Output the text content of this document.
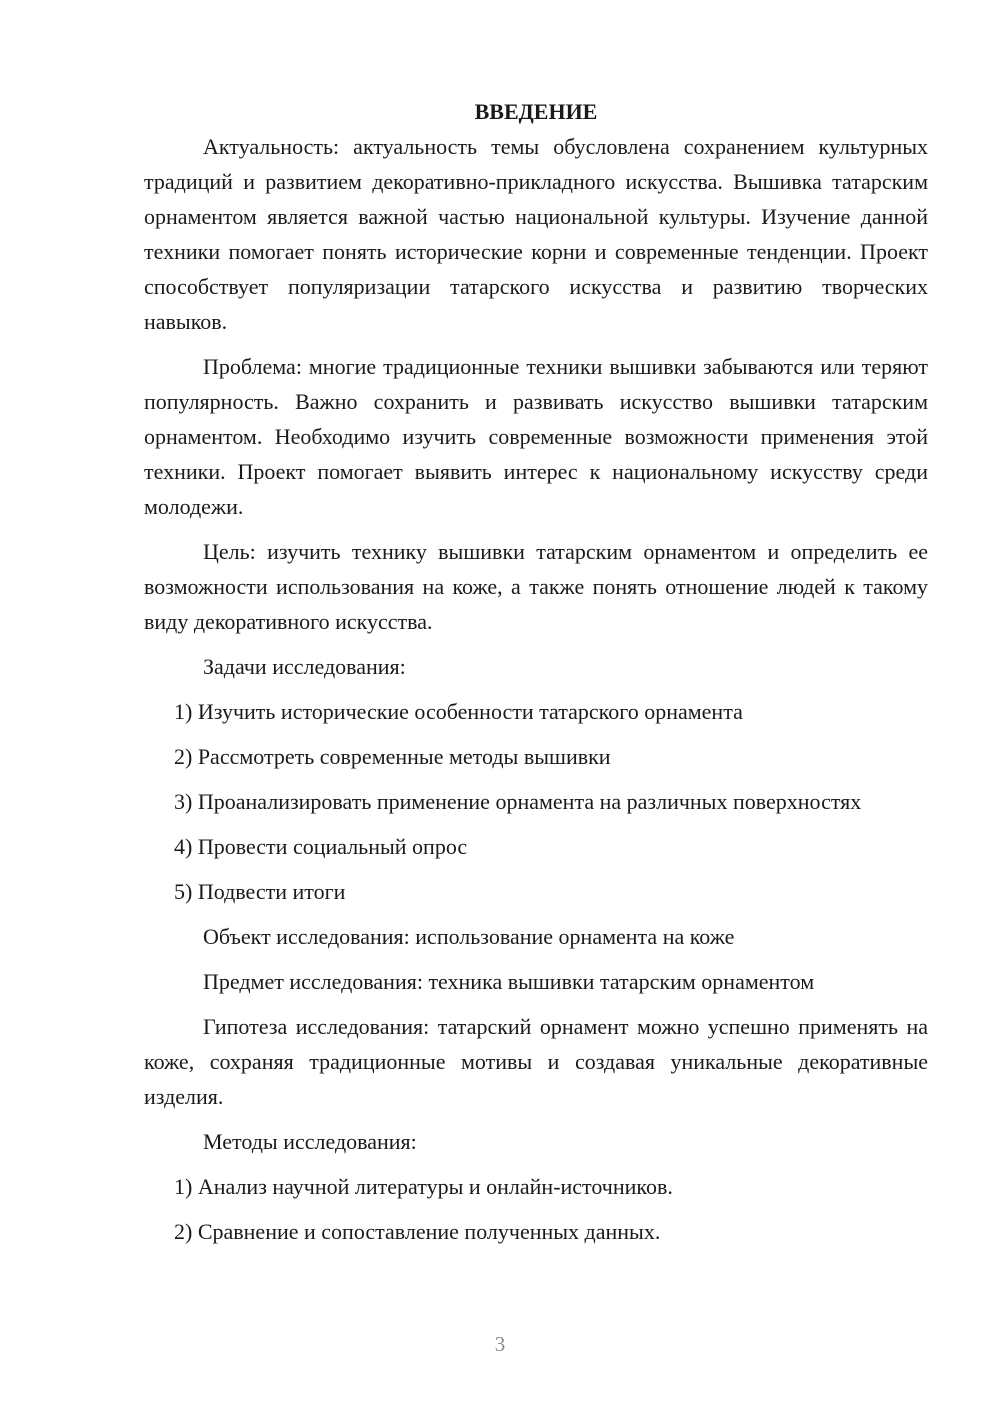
ВВЕДЕНИЕ

Актуальность: актуальность темы обусловлена сохранением культурных традиций и развитием декоративно-прикладного искусства. Вышивка татарским орнаментом является важной частью национальной культуры. Изучение данной техники помогает понять исторические корни и современные тенденции. Проект способствует популяризации татарского искусства и развитию творческих навыков.

Проблема: многие традиционные техники вышивки забываются или теряют популярность. Важно сохранить и развивать искусство вышивки татарским орнаментом. Необходимо изучить современные возможности применения этой техники. Проект помогает выявить интерес к национальному искусству среди молодежи.

Цель: изучить технику вышивки татарским орнаментом и определить ее возможности использования на коже, а также понять отношение людей к такому виду декоративного искусства.

Задачи исследования:

1) Изучить исторические особенности татарского орнамента

2) Рассмотреть современные методы вышивки

3) Проанализировать применение орнамента на различных поверхностях

4) Провести социальный опрос

5) Подвести итоги

Объект исследования: использование орнамента на коже

Предмет исследования: техника вышивки татарским орнаментом

Гипотеза исследования: татарский орнамент можно успешно применять на коже, сохраняя традиционные мотивы и создавая уникальные декоративные изделия.

Методы исследования:

1) Анализ научной литературы и онлайн-источников.

2) Сравнение и сопоставление полученных данных.

3
